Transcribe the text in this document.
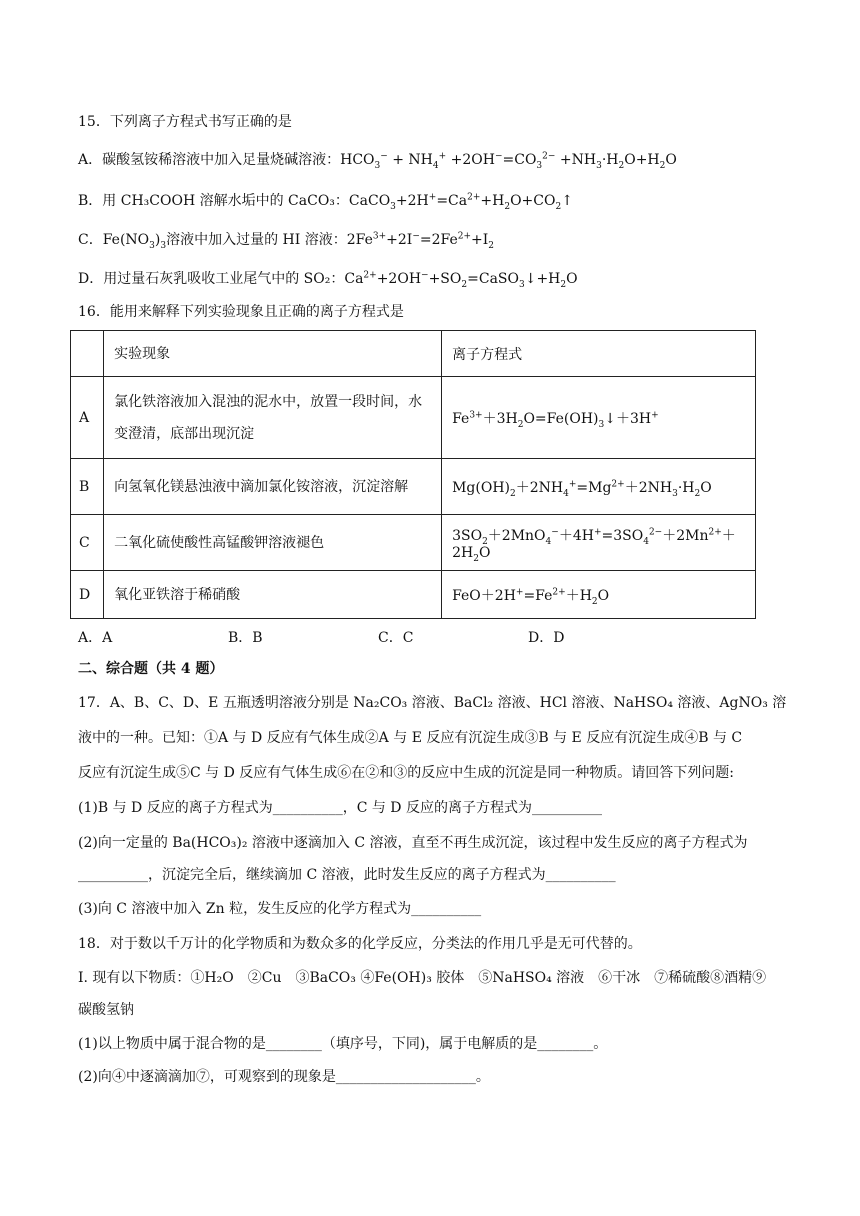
15．下列离子方程式书写正确的是
A．碳酸氢铵稀溶液中加入足量烧碱溶液：$HCO_3^- + NH_4^+ +2OH^-=CO_3^{2-} +NH_3\cdot H_2O+H_2O$
B．用 CH₃COOH 溶解水垢中的 CaCO₃：$CaCO_3+2H^+=Ca^{2+}+H_2O+CO_2↑$
C．$Fe(NO_3)_3$溶液中加入过量的 HI 溶液：$2Fe^{3+}+2I^-=2Fe^{2+}+I_2$
D．用过量石灰乳吸收工业尾气中的 SO₂：$Ca^{2+}+2OH^-+SO_2=CaSO_3↓+H_2O$
16．能用来解释下列实验现象且正确的离子方程式是
	实验现象	离子方程式
A	氯化铁溶液加入混浊的泥水中，放置一段时间，水变澄清，底部出现沉淀	$Fe^{3+}+3H_2O=Fe(OH)_3↓+3H^+$
B	向氢氧化镁悬浊液中滴加氯化铵溶液，沉淀溶解	$Mg(OH)_2+2NH_4^+=Mg^{2+}+2NH_3\cdot H_2O$
C	二氧化硫使酸性高锰酸钾溶液褪色	$3SO_2+2MnO_4^-+4H^+=3SO_4^{2-}+2Mn^{2+}+2H_2O$
D	氧化亚铁溶于稀硝酸	$FeO+2H^+=Fe^{2+}+H_2O$
A．A	B．B	C．C	D．D
二、综合题（共 4 题）
17．A、B、C、D、E 五瓶透明溶液分别是 Na₂CO₃ 溶液、BaCl₂ 溶液、HCl 溶液、NaHSO₄ 溶液、AgNO₃ 溶
液中的一种。已知：①A 与 D 反应有气体生成②A 与 E 反应有沉淀生成③B 与 E 反应有沉淀生成④B 与 C
反应有沉淀生成⑤C 与 D 反应有气体生成⑥在②和③的反应中生成的沉淀是同一种物质。请回答下列问题:
(1)B 与 D 反应的离子方程式为__________，C 与 D 反应的离子方程式为__________
(2)向一定量的 Ba(HCO₃)₂ 溶液中逐滴加入 C 溶液，直至不再生成沉淀，该过程中发生反应的离子方程式为
__________，沉淀完全后，继续滴加 C 溶液，此时发生反应的离子方程式为__________
(3)向 C 溶液中加入 Zn 粒，发生反应的化学方程式为__________
18．对于数以千万计的化学物质和为数众多的化学反应，分类法的作用几乎是无可代替的。
I. 现有以下物质：①H₂O　②Cu　③BaCO₃ ④Fe(OH)₃ 胶体　⑤NaHSO₄ 溶液　⑥干冰　⑦稀硫酸⑧酒精⑨
碳酸氢钠
(1)以上物质中属于混合物的是________（填序号，下同)，属于电解质的是________。
(2)向④中逐滴滴加⑦，可观察到的现象是____________________。
